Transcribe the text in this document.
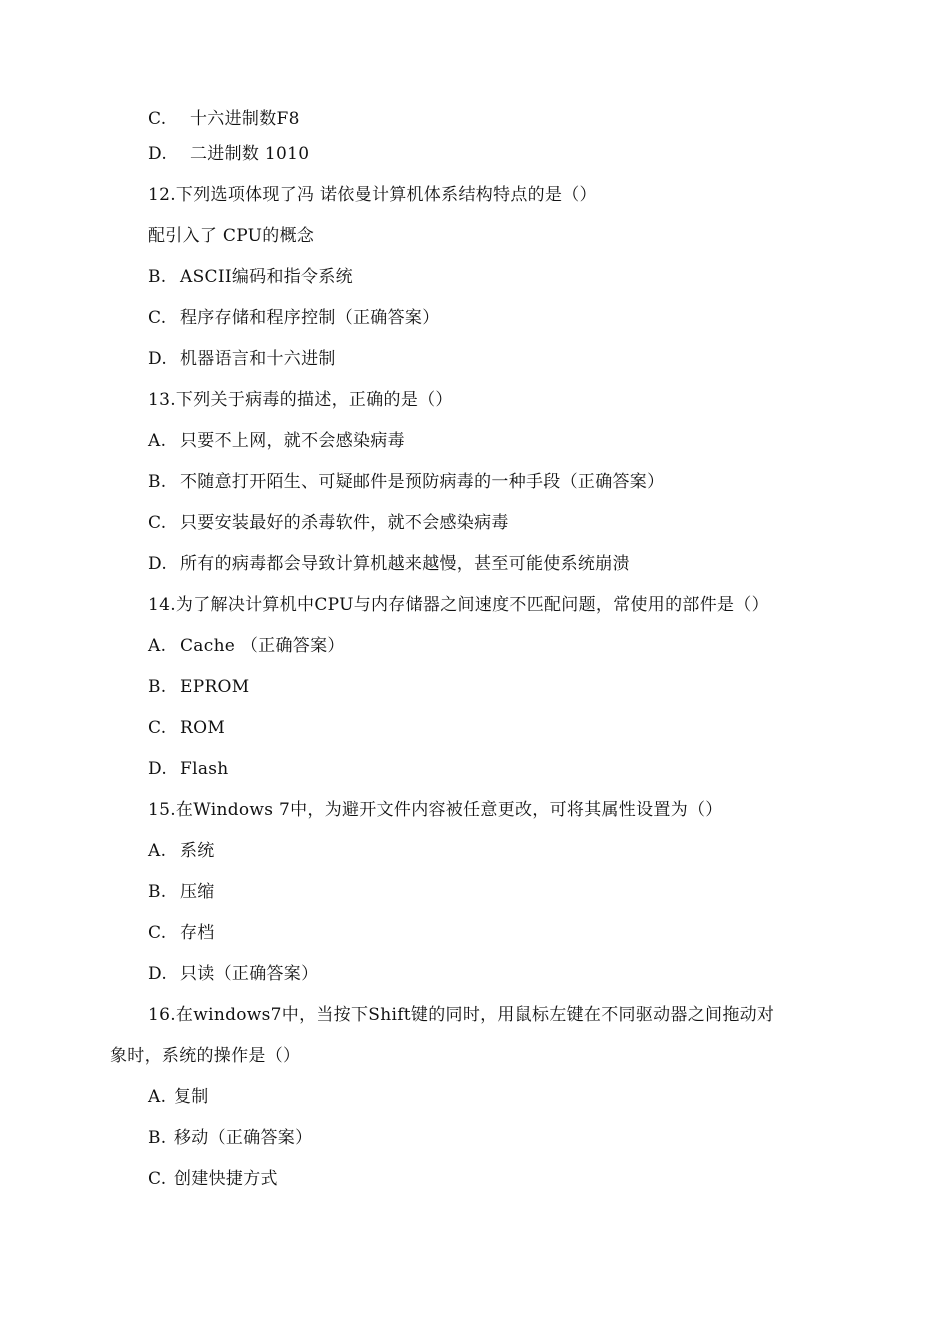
C. 十六进制数F8
D. 二进制数 1010
12.下列选项体现了冯 诺依曼计算机体系结构特点的是（）
配引入了 CPU的概念
B. ASCII编码和指令系统
C. 程序存储和程序控制（正确答案）
D. 机器语言和十六进制
13.下列关于病毒的描述，正确的是（）
A. 只要不上网，就不会感染病毒
B. 不随意打开陌生、可疑邮件是预防病毒的一种手段（正确答案）
C. 只要安装最好的杀毒软件，就不会感染病毒
D. 所有的病毒都会导致计算机越来越慢，甚至可能使系统崩溃
14.为了解决计算机中CPU与内存储器之间速度不匹配问题，常使用的部件是（）
A. Cache （正确答案）
B. EPROM
C. ROM
D. Flash
15.在Windows 7中，为避开文件内容被任意更改，可将其属性设置为（）
A. 系统
B. 压缩
C. 存档
D. 只读（正确答案）
16.在windows7中，当按下Shift键的同时，用鼠标左键在不同驱动器之间拖动对
象时，系统的操作是（）
A. 复制
B. 移动（正确答案）
C. 创建快捷方式
